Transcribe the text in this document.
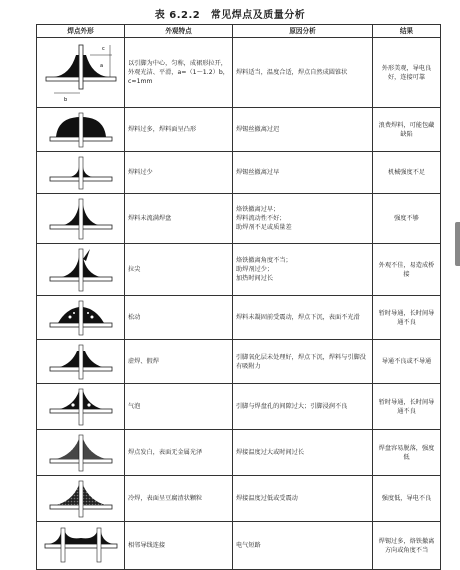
表 6.2.2　常见焊点及质量分析
焊点外形	外观特点	原因分析	结果

c
a
b	以引脚为中心，匀称，成裙形拉开，外观光洁、平滑，a=（1～1.2）b，c≈1mm	焊料适当，温度合适，焊点自然成圆锥状	外形美观，导电良好，连接可靠

	焊料过多，焊料面呈凸形	焊锡丝撤离过迟	浪费焊料，可能包藏缺陷

	焊料过少	焊锡丝撤离过早	机械强度不足

	焊料未流满焊盘	烙铁撤离过早；
焊料流动性不好；
助焊剂不足或质量差	强度不够

	拉尖	烙铁撤离角度不当；
助焊剂过少；
加热时间过长	外观不佳，易造成桥接

	松动	焊料未凝固前受震动，焊点下沉，表面不光滑	暂时导通，长时间导通不良

	虚焊、假焊	引脚氧化层未处理好，焊点下沉，焊料与引脚没有吸附力	导通不良或不导通

	气泡	引脚与焊盘孔的间隙过大；引脚浸润不良	暂时导通，长时间导通不良

	焊点发白，表面无金属光泽	焊接温度过大或时间过长	焊盘容易脱落，强度低

	冷焊，表面呈豆腐渣状颗粒	焊接温度过低或受震动	强度低，导电不良

	相邻导线连接	电气短路	焊锡过多，烙铁撤离方向或角度不当
